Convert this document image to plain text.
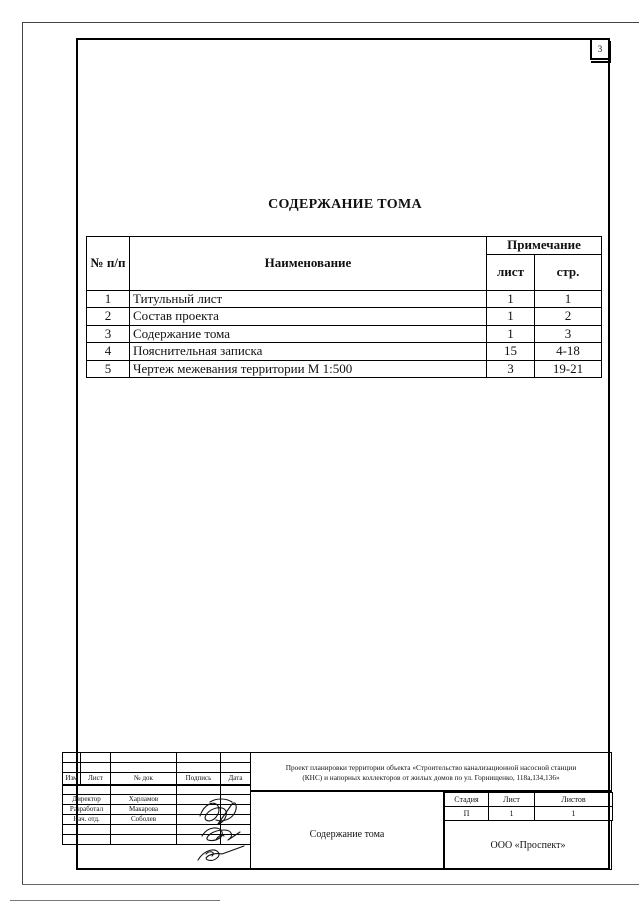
3
СОДЕРЖАНИЕ ТОМА
№ п/п	Наименование	Примечание	
		лист	стр.

1	Титульный лист	1	1
2	Состав проекта	1	2
3	Содержание тома	1	3
4	Пояснительная записка	15	4-18
5	Чертеж межевания территории М 1:500	3	19-21

Изм	Лист	№ док	Подпись	Дата

Директор		Харламов		
Разработал		Макарова		
Нач. отд.		Соболев		

Проект планировки территории объекта «Строительство канализационной насосной станции
(КНС) и напорных коллекторов от жилых домов по ул. Горнищенко, 118а,134,136»
Содержание тома
Стадия	Лист	Листов
П	1	1
ООО «Проспект»
